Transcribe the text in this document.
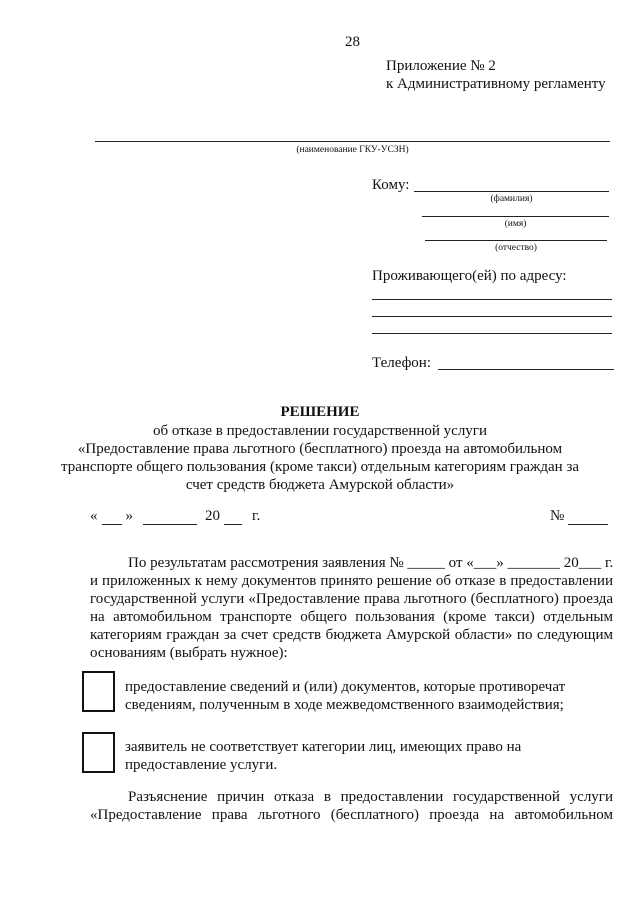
28
Приложение № 2
к Административному регламенту
(наименование ГКУ-УСЗН)
Кому:
(фамилия)
(имя)
(отчество)
Проживающего(ей) по адресу:
Телефон:
РЕШЕНИЕ
об отказе в предоставлении государственной услуги
«Предоставление права льготного (бесплатного) проезда на автомобильном
транспорте общего пользования (кроме такси) отдельным категориям граждан за
счет средств бюджета Амурской области»
« »	20 г.	№
По результатам рассмотрения заявления № _____ от «___» _______ 20___ г.
и приложенных к нему документов принято решение об отказе в предоставлении
государственной услуги «Предоставление права льготного (бесплатного) проезда
на автомобильном транспорте общего пользования (кроме такси) отдельным
категориям граждан за счет средств бюджета Амурской области» по следующим
основаниям (выбрать нужное):
предоставление сведений и (или) документов, которые противоречат
сведениям, полученным в ходе межведомственного взаимодействия;
заявитель не соответствует категории лиц, имеющих право на
предоставление услуги.
Разъяснение причин отказа в предоставлении государственной услуги
«Предоставление права льготного (бесплатного) проезда на автомобильном
